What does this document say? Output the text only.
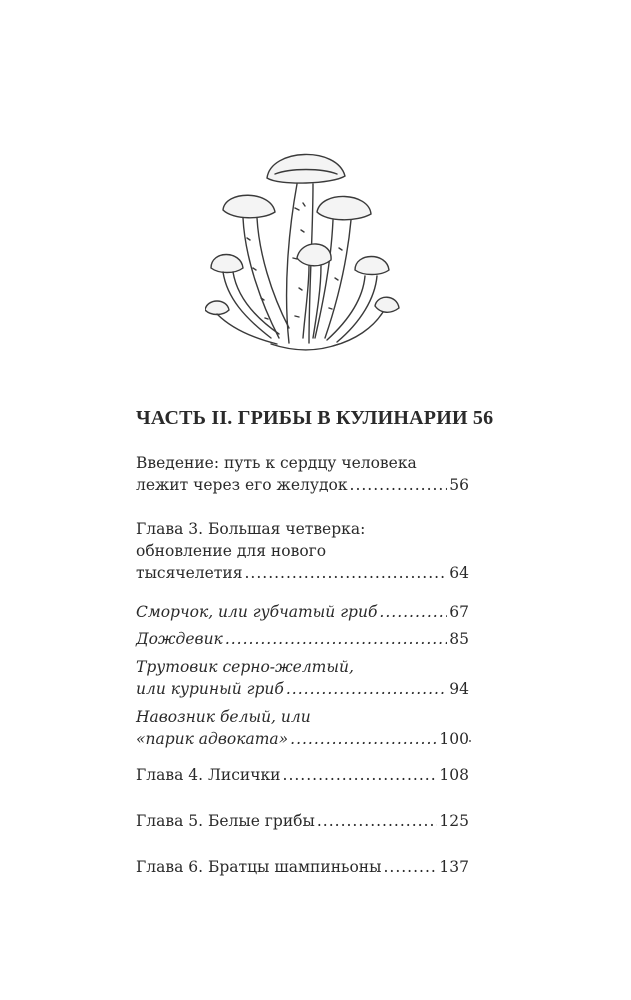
ЧАСТЬ II. ГРИБЫ В КУЛИНАРИИ 56
Введение: путь к сердцу человека
лежит через его желудок .....	56
Глава 3. Большая четверка:
обновление для нового
тысячелетия .....	64
Сморчок, или губчатый гриб .....	67
Дождевик .....	85
Трутовик серно-желтый,
или куриный гриб .....	94
Навозник белый, или
«парик адвоката» .....	100
Глава 4. Лисички .....	108
Глава 5. Белые грибы .....	125
Глава 6. Братцы шампиньоны .....	137
